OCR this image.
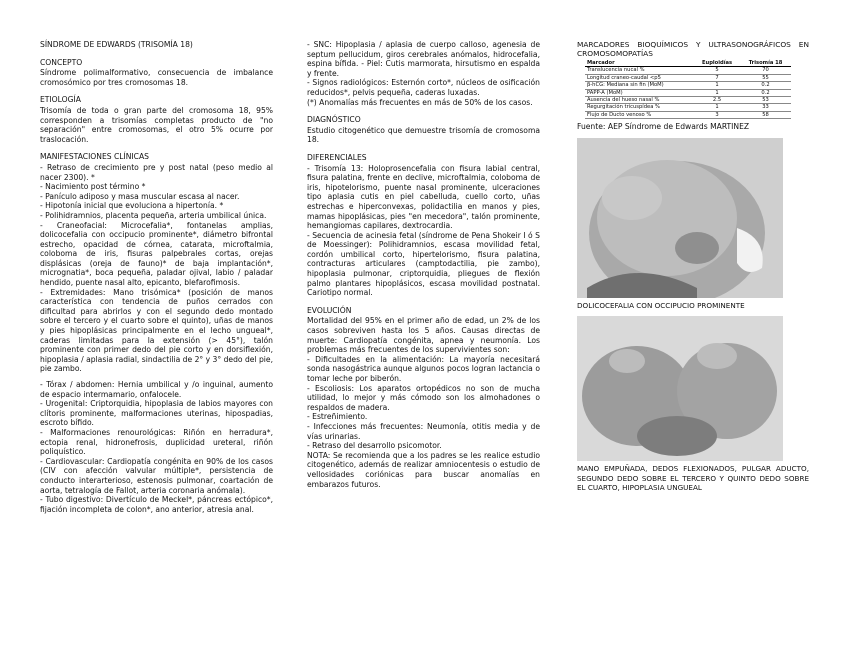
SÍNDROME DE EDWARDS (TRISOMÍA 18)

CONCEPTO

Síndrome polimalformativo, consecuencia de imbalance cromosómico por tres cromosomas 18.

ETIOLOGÍA

Trisomía de toda o gran parte del cromosoma 18, 95% corresponden a trisomías completas producto de "no separación" entre cromosomas, el otro 5% ocurre por traslocación.

MANIFESTACIONES CLÍNICAS

- Retraso de crecimiento pre y post natal (peso medio al nacer 2300). *

- Nacimiento post término *

- Panículo adiposo y masa muscular escasa al nacer.

- Hipotonía inicial que evoluciona a hipertonía. *

- Polihidramnios, placenta pequeña, arteria umbilical única.

- Craneofacial: Microcefalia*, fontanelas amplias, dolicocefalia con occipucio prominente*, diámetro bifrontal estrecho, opacidad de córnea, catarata, microftalmia, coloboma de iris, fisuras palpebrales cortas, orejas displásicas (oreja de fauno)* de baja implantación*, micrognatia*, boca pequeña, paladar ojival, labio / paladar hendido, puente nasal alto, epicanto, blefarofimosis.

- Extremidades: Mano trisómica* (posición de manos característica con tendencia de puños cerrados con dificultad para abrirlos y con el segundo dedo montado sobre el tercero y el cuarto sobre el quinto), uñas de manos y pies hipoplásicas principalmente en el lecho ungueal*, caderas limitadas para la extensión (> 45°), talón prominente con primer dedo del pie corto y en dorsiflexión, hipoplasia / aplasia radial, sindactilia de 2° y 3° dedo del pie, pie zambo.

- Tórax / abdomen: Hernia umbilical y /o inguinal, aumento de espacio intermamario, onfalocele.

- Urogenital: Criptorquidia, hipoplasia de labios mayores con clítoris prominente, malformaciones uterinas, hipospadias, escroto bífido.

- Malformaciones renourológicas: Riñón en herradura*, ectopia renal, hidronefrosis, duplicidad ureteral, riñón poliquístico.

- Cardiovascular: Cardiopatía congénita en 90% de los casos (CIV con afección valvular múltiple*, persistencia de conducto interarterioso, estenosis pulmonar, coartación de aorta, tetralogía de Fallot, arteria coronaria anómala).

- Tubo digestivo: Divertículo de Meckel*, páncreas ectópico*, fijación incompleta de colon*, ano anterior, atresia anal.

- SNC: Hipoplasia / aplasia de cuerpo calloso, agenesia de septum pellucidum, giros cerebrales anómalos, hidrocefalia, espina bífida. - Piel: Cutis marmorata, hirsutismo en espalda y frente.

- Signos radiológicos: Esternón corto*, núcleos de osificación reducidos*, pelvis pequeña, caderas luxadas.

(*) Anomalías más frecuentes en más de 50% de los casos.

DIAGNÓSTICO

Estudio citogenético que demuestre trisomía de cromosoma 18.

DIFERENCIALES

- Trisomía 13: Holoprosencefalia con fisura labial central, fisura palatina, frente en declive, microftalmia, coloboma de iris, hipotelorismo, puente nasal prominente, ulceraciones tipo aplasia cutis en piel cabelluda, cuello corto, uñas estrechas e hiperconvexas, polidactilia en manos y pies, mamas hipoplásicas, pies "en mecedora", talón prominente, hemangiomas capilares, dextrocardia.

- Secuencia de acinesia fetal (síndrome de Pena Shokeir I ó S de Moessinger): Polihidramnios, escasa movilidad fetal, cordón umbilical corto, hipertelorismo, fisura palatina, contracturas articulares (camptodactilia, pie zambo), hipoplasia pulmonar, criptorquidia, pliegues de flexión palmo plantares hipoplásicos, escasa movilidad postnatal. Cariotipo normal.

EVOLUCIÓN

Mortalidad del 95% en el primer año de edad, un 2% de los casos sobreviven hasta los 5 años. Causas directas de muerte: Cardiopatía congénita, apnea y neumonía. Los problemas más frecuentes de los supervivientes son:

- Dificultades en la alimentación: La mayoría necesitará sonda nasogástrica aunque algunos pocos logran lactancia o tomar leche por biberón.

- Escoliosis: Los aparatos ortopédicos no son de mucha utilidad, lo mejor y más cómodo son los almohadones o respaldos de madera.

- Estreñimiento.

- Infecciones más frecuentes: Neumonía, otitis media y de vías urinarias.

- Retraso del desarrollo psicomotor.

NOTA: Se recomienda que a los padres se les realice estudio citogenético, además de realizar amniocentesis o estudio de vellosidades coriónicas para buscar anomalías en embarazos futuros.

MARCADORES BIOQUÍMICOS Y ULTRASONOGRÁFICOS EN CROMOSOMOPATÍAS

Marcador	Euploidías	Trisomía 18
Translucencia nucal %	5	70
Longitud craneo-caudal <p5	7	55
β-hCG: Mediana sin fin (MoM)	1	0.2
PAPP-A (MoM)	1	0.2
Ausencia del hueso nasal %	2.5	53
Regurgitación tricuspídea %	1	33
Flujo de Ducto venoso %	3	58

Fuente: AEP Síndrome de Edwards MARTINEZ

DOLICOCEFALIA CON OCCIPUCIO PROMINENTE

MANO EMPUÑADA, DEDOS FLEXIONADOS, PULGAR ADUCTO, SEGUNDO DEDO SOBRE EL TERCERO Y QUINTO DEDO SOBRE EL CUARTO, HIPOPLASIA UNGUEAL
